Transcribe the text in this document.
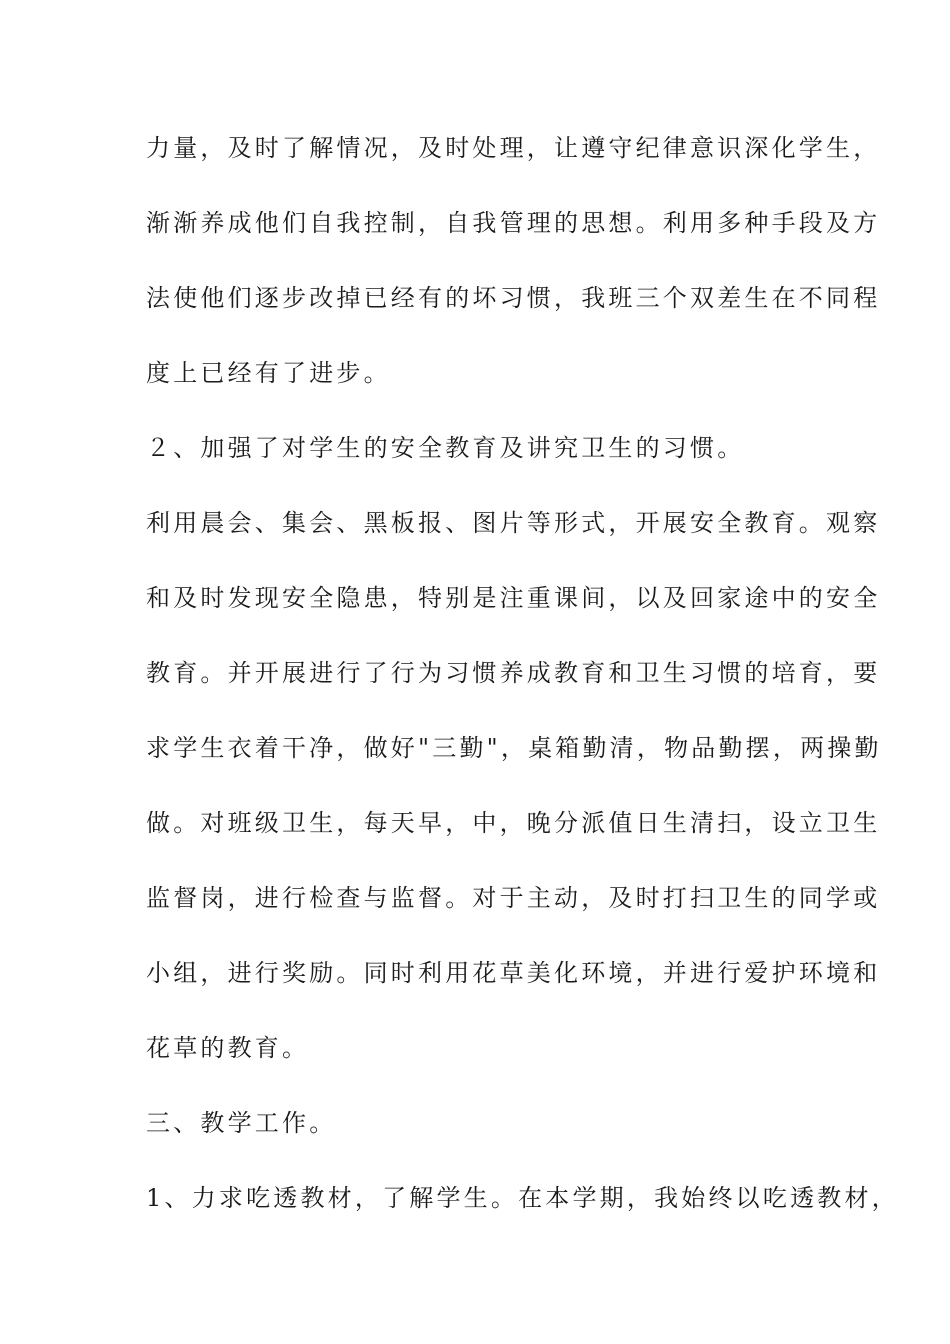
力量，及时了解情况，及时处理，让遵守纪律意识深化学生，
渐渐养成他们自我控制，自我管理的思想。利用多种手段及方
法使他们逐步改掉已经有的坏习惯，我班三个双差生在不同程
度上已经有了进步。
２、加强了对学生的安全教育及讲究卫生的习惯。
利用晨会、集会、黑板报、图片等形式，开展安全教育。观察
和及时发现安全隐患，特别是注重课间，以及回家途中的安全
教育。并开展进行了行为习惯养成教育和卫生习惯的培育，要
求学生衣着干净，做好"三勤"，桌箱勤清，物品勤摆，两操勤
做。对班级卫生，每天早，中，晚分派值日生清扫，设立卫生
监督岗，进行检查与监督。对于主动，及时打扫卫生的同学或
小组，进行奖励。同时利用花草美化环境，并进行爱护环境和
花草的教育。
三、教学工作。
1、力求吃透教材，了解学生。在本学期，我始终以吃透教材，
